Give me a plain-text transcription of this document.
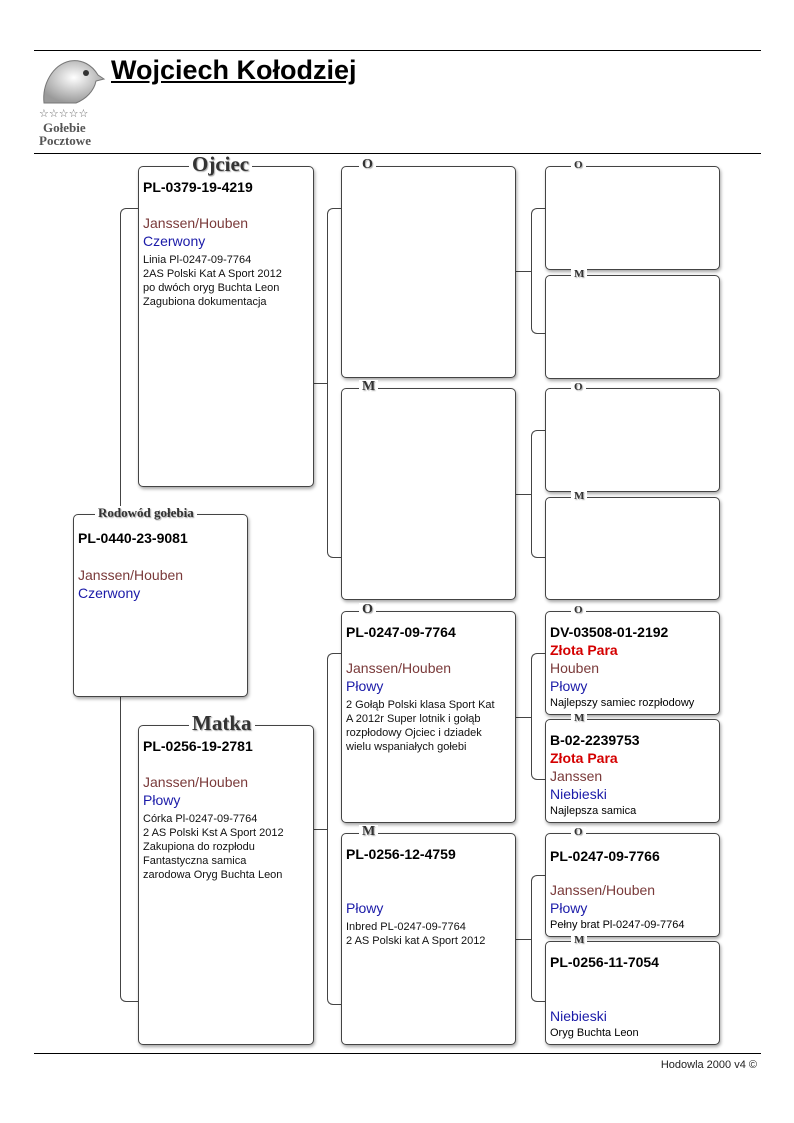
☆☆☆☆☆
Gołebie
Pocztowe
Wojciech Kołodziej
Rodowód gołebia
PL-0440-23-9081
Janssen/Houben
Czerwony
Ojciec
PL-0379-19-4219
Janssen/Houben
Czerwony
Linia Pl-0247-09-7764
2AS Polski Kat A Sport 2012
po dwóch oryg Buchta Leon
Zagubiona dokumentacja
Matka
PL-0256-19-2781
Janssen/Houben
Płowy
Córka Pl-0247-09-7764
2 AS Polski Kst A Sport 2012
Zakupiona do rozpłodu
Fantastyczna samica
zarodowa Oryg Buchta Leon
O
M
O
M
O
M
O
PL-0247-09-7764
Janssen/Houben
Płowy
2 Gołąb Polski klasa Sport Kat A 2012r Super lotnik i gołąb rozpłodowy Ojciec i dziadek wielu wspaniałych gołebi
M
PL-0256-12-4759
Płowy
Inbred PL-0247-09-7764
2 AS Polski kat A Sport 2012
O
DV-03508-01-2192
Złota Para
Houben
Płowy
Najlepszy samiec rozpłodowy
M
B-02-2239753
Złota Para
Janssen
Niebieski
Najlepsza samica
O
PL-0247-09-7766
Janssen/Houben
Płowy
Pełny brat Pl-0247-09-7764
M
PL-0256-11-7054
Niebieski
Oryg Buchta Leon
Hodowla 2000 v4 ©
